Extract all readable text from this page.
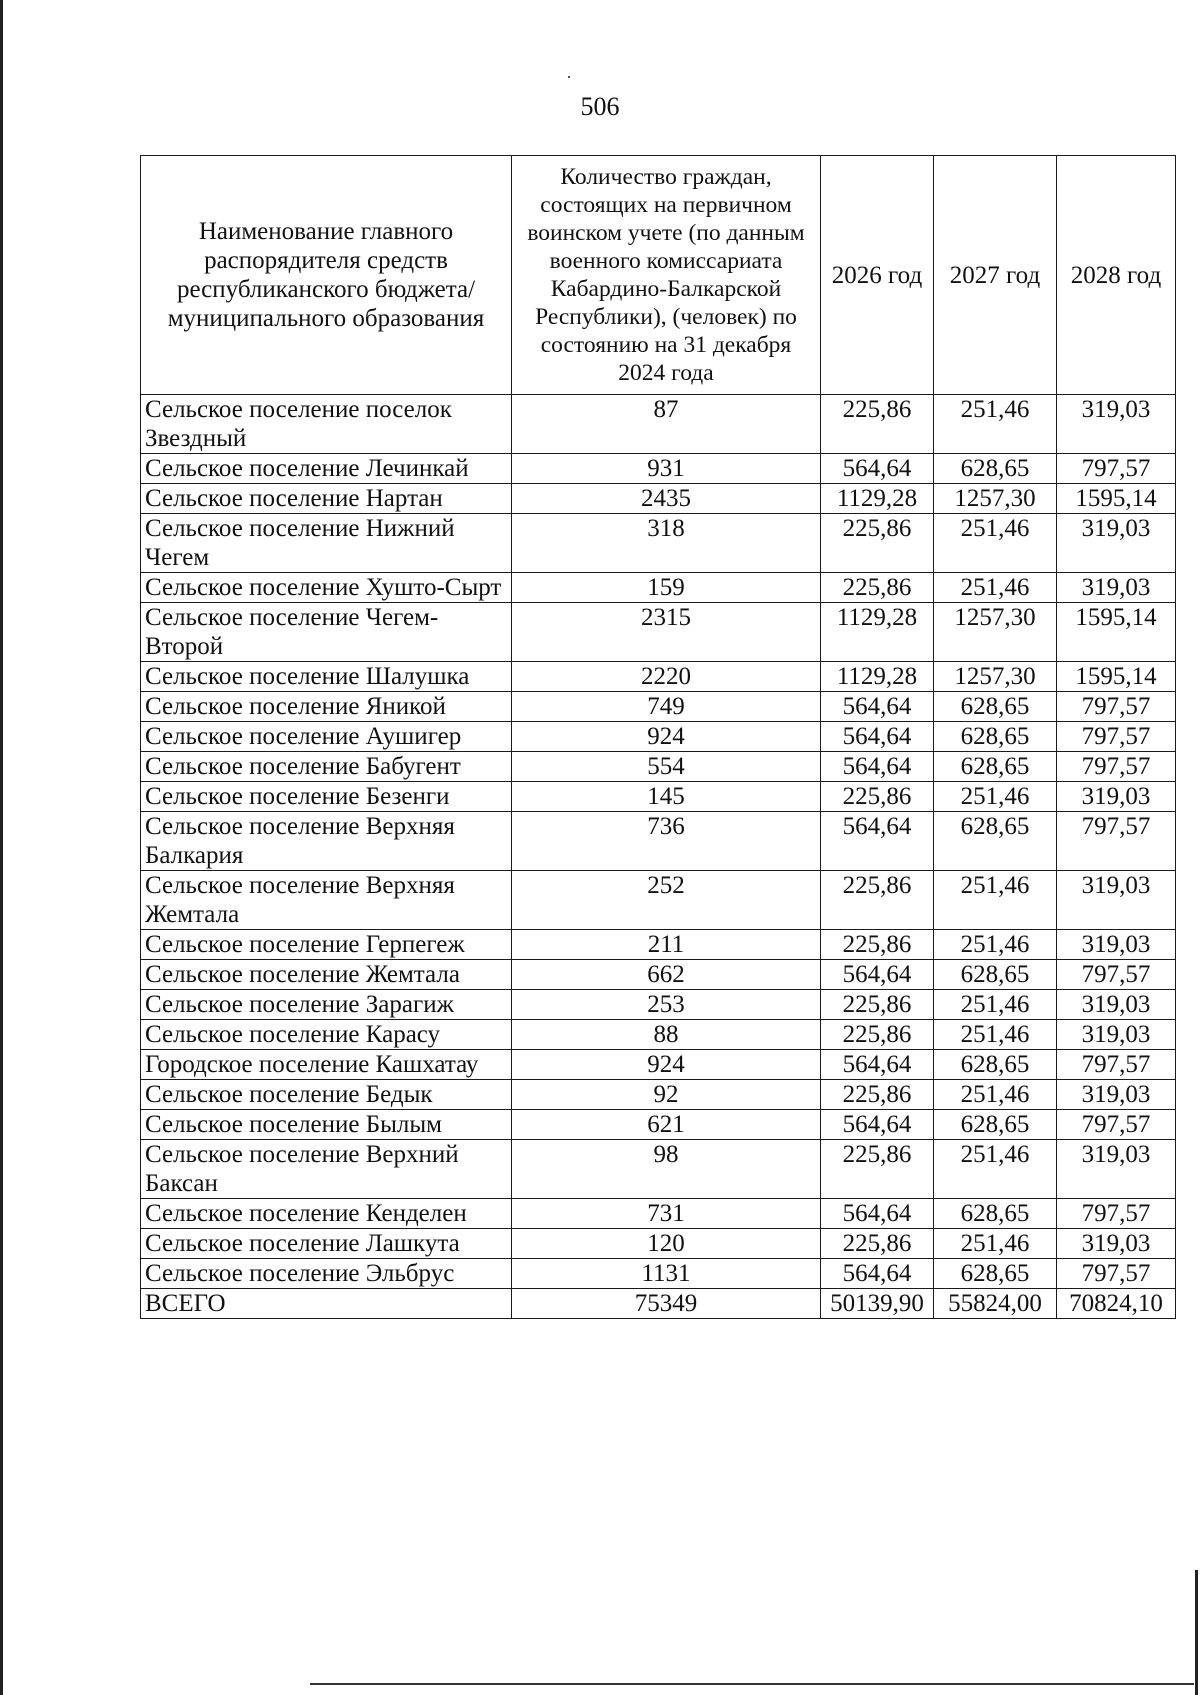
506
Наименование главного распорядителя средств республиканского бюджета/муниципального образования	Количество граждан, состоящих на первичном воинском учете (по данным военного комиссариата Кабардино-Балкарской Республики), (человек) по состоянию на 31 декабря 2024 года	2026 год	2027 год	2028 год
Сельское поселение поселок Звездный	87	225,86	251,46	319,03
Сельское поселение Лечинкай	931	564,64	628,65	797,57
Сельское поселение Нартан	2435	1129,28	1257,30	1595,14
Сельское поселение Нижний Чегем	318	225,86	251,46	319,03
Сельское поселение Хушто-Сырт	159	225,86	251,46	319,03
Сельское поселение Чегем-Второй	2315	1129,28	1257,30	1595,14
Сельское поселение Шалушка	2220	1129,28	1257,30	1595,14
Сельское поселение Яникой	749	564,64	628,65	797,57
Сельское поселение Аушигер	924	564,64	628,65	797,57
Сельское поселение Бабугент	554	564,64	628,65	797,57
Сельское поселение Безенги	145	225,86	251,46	319,03
Сельское поселение Верхняя Балкария	736	564,64	628,65	797,57
Сельское поселение Верхняя Жемтала	252	225,86	251,46	319,03
Сельское поселение Герпегеж	211	225,86	251,46	319,03
Сельское поселение Жемтала	662	564,64	628,65	797,57
Сельское поселение Зарагиж	253	225,86	251,46	319,03
Сельское поселение Карасу	88	225,86	251,46	319,03
Городское поселение Кашхатау	924	564,64	628,65	797,57
Сельское поселение Бедык	92	225,86	251,46	319,03
Сельское поселение Былым	621	564,64	628,65	797,57
Сельское поселение Верхний Баксан	98	225,86	251,46	319,03
Сельское поселение Кенделен	731	564,64	628,65	797,57
Сельское поселение Лашкута	120	225,86	251,46	319,03
Сельское поселение Эльбрус	1131	564,64	628,65	797,57
ВСЕГО	75349	50139,90	55824,00	70824,10
